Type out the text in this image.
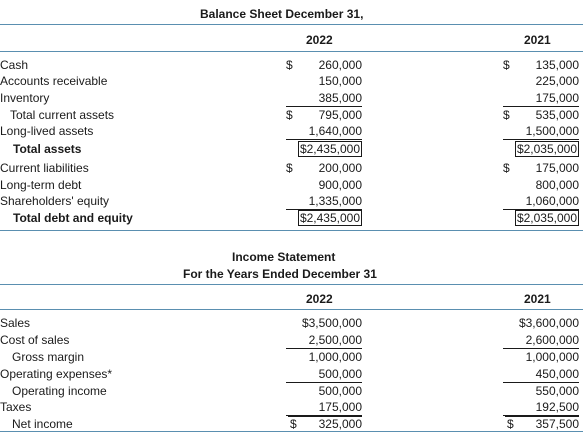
Balance Sheet December 31,
2022	2021
Cash	$ 260,000	$ 135,000
Accounts receivable	150,000	225,000
Inventory	385,000	175,000
Total current assets	$ 795,000	$ 535,000
Long-lived assets	1,640,000	1,500,000
Total assets	$2,435,000	$2,035,000
Current liabilities	$ 200,000	$ 175,000
Long-term debt	900,000	800,000
Shareholders' equity	1,335,000	1,060,000
Total debt and equity	$2,435,000	$2,035,000
Income Statement
For the Years Ended December 31
2022	2021
Sales	$3,500,000	$3,600,000
Cost of sales	2,500,000	2,600,000
Gross margin	1,000,000	1,000,000
Operating expenses*	500,000	450,000
Operating income	500,000	550,000
Taxes	175,000	192,500
Net income	$ 325,000	$ 357,500
